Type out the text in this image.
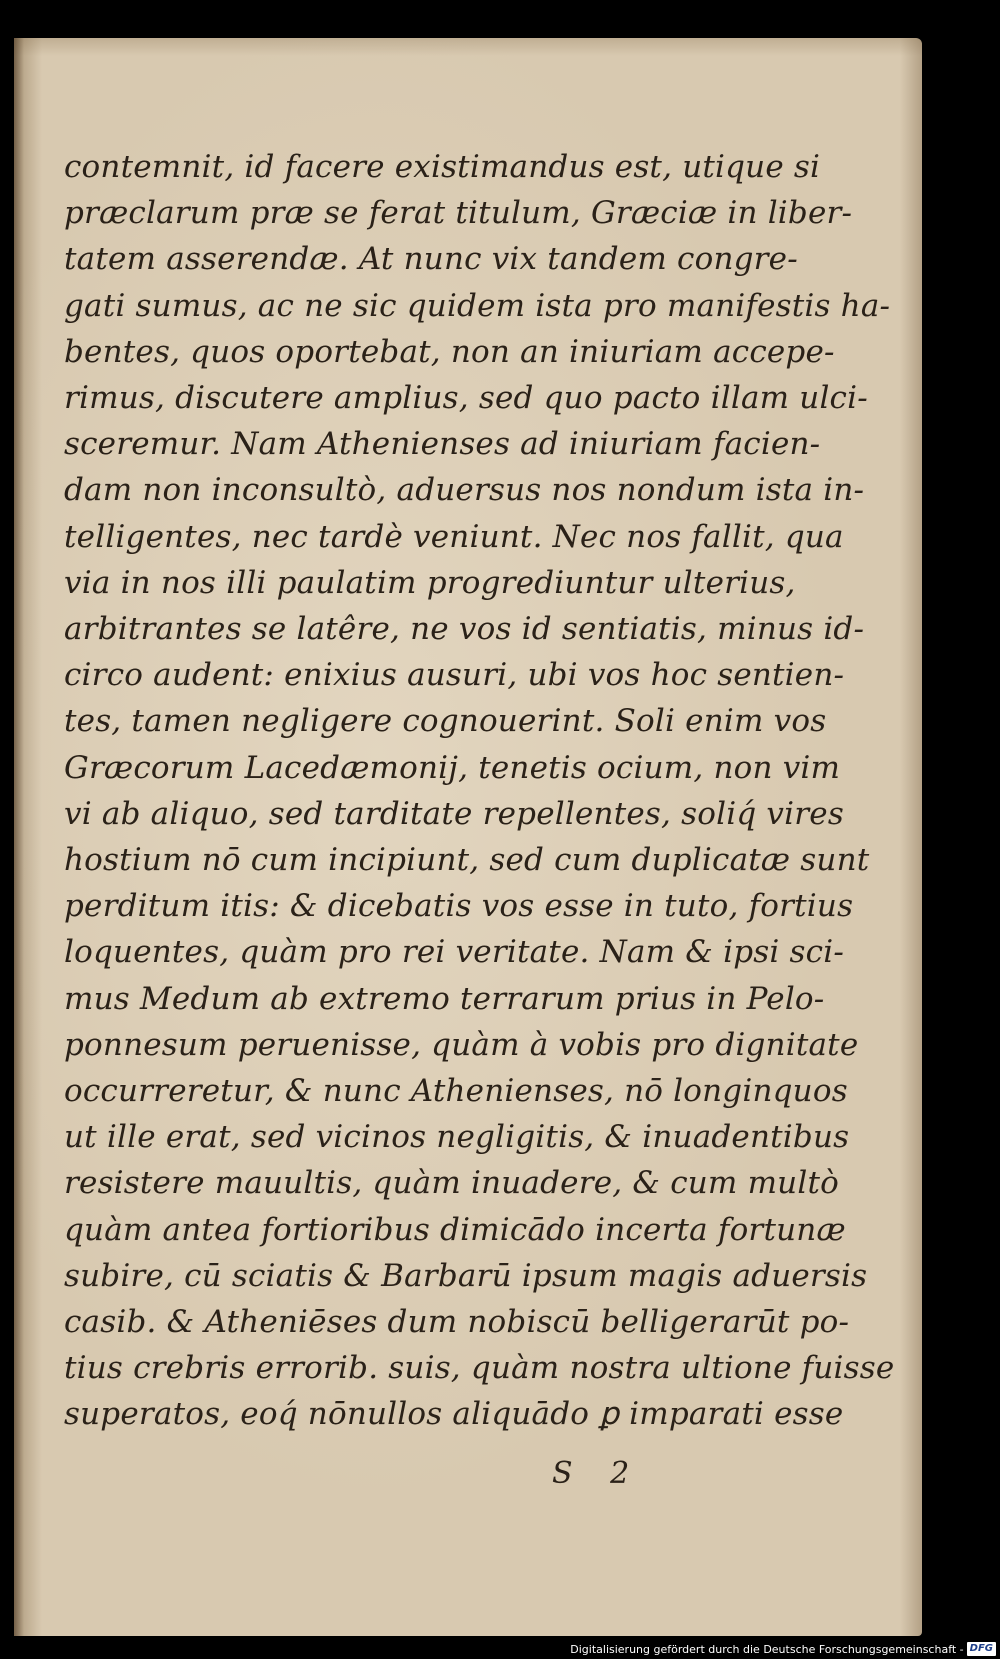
contemnit, id facere existimandus est, utique si
præclarum præ se ferat titulum, Græciæ in liber-
tatem asserendæ. At nunc vix tandem congre-
gati sumus, ac ne sic quidem ista pro manifestis ha-
bentes, quos oportebat, non an iniuriam accepe-
rimus, discutere amplius, sed quo pacto illam ulci-
sceremur. Nam Athenienses ad iniuriam facien-
dam non inconsultò, aduersus nos nondum ista in-
telligentes, nec tardè veniunt. Nec nos fallit, qua
via in nos illi paulatim progrediuntur ulterius,
arbitrantes se latêre, ne vos id sentiatis, minus id-
circo audent: enixius ausuri, ubi vos hoc sentien-
tes, tamen negligere cognouerint. Soli enim vos
Græcorum Lacedæmonij, tenetis ocium, non vim
vi ab aliquo, sed tarditate repellentes, soliq́ vires
hostium nō cum incipiunt, sed cum duplicatæ sunt
perditum itis: & dicebatis vos esse in tuto, fortius
loquentes, quàm pro rei veritate. Nam & ipsi sci-
mus Medum ab extremo terrarum prius in Pelo-
ponnesum peruenisse, quàm à vobis pro dignitate
occurreretur, & nunc Athenienses, nō longinquos
ut ille erat, sed vicinos negligitis, & inuadentibus
resistere mauultis, quàm inuadere, & cum multò
quàm antea fortioribus dimicādo incerta fortunæ
subire, cū sciatis & Barbarū ipsum magis aduersis
casib. & Atheniēses dum nobiscū belligerarūt po-
tius crebris errorib. suis, quàm nostra ultione fuisse
superatos, eoq́ nōnullos aliquādo ꝑ imparati esse
S 2
Digitalisierung gefördert durch die Deutsche Forschungsgemeinschaft - DFG
